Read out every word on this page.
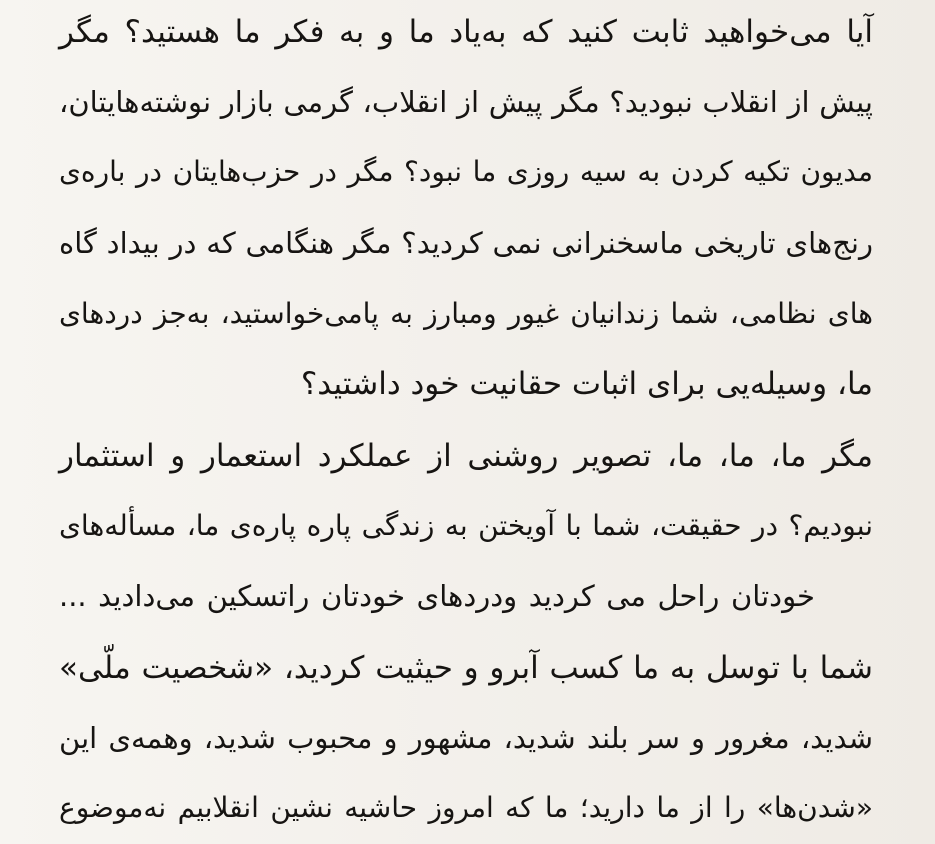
آیا می‌خواهید ثابت کنید که به‌یاد ما و به فکر ما هستید؟ مگر
پیش از انقلاب نبودید؟ مگر پیش از انقلاب، گرمی بازار نوشته‌هایتان،
مدیون تکیه کردن به سیه روزی ما نبود؟ مگر در حزب‌هایتان در باره‌ی
رنج‌های تاریخی ماسخنرانی نمی کردید؟ مگر هنگامی که در بیداد گاه
های نظامی، شما زندانیان غیور ومبارز به پامی‌خواستید، به‌جز درد‌های
ما، وسیله‌یی برای اثبات حقانیت خود داشتید؟
مگر ما، ما، ما، تصویر روشنی از عملکرد استعمار و استثمار
نبودیم؟ در حقیقت، شما با آویختن به زندگی پاره پاره‌ی ما، مسأله‌های
خودتان راحل می کردید ودردهای خودتان راتسکین می‌دادید ...
شما با توسل به ما کسب آبرو و حیثیت کردید، «شخصیت ملّی»
شدید، مغرور و سر بلند شدید، مشهور و محبوب شدید، وهمه‌ی این
«شدن‌ها» را از ما دارید؛ ما که امروز حاشیه نشین انقلابیم نه‌موضوع
